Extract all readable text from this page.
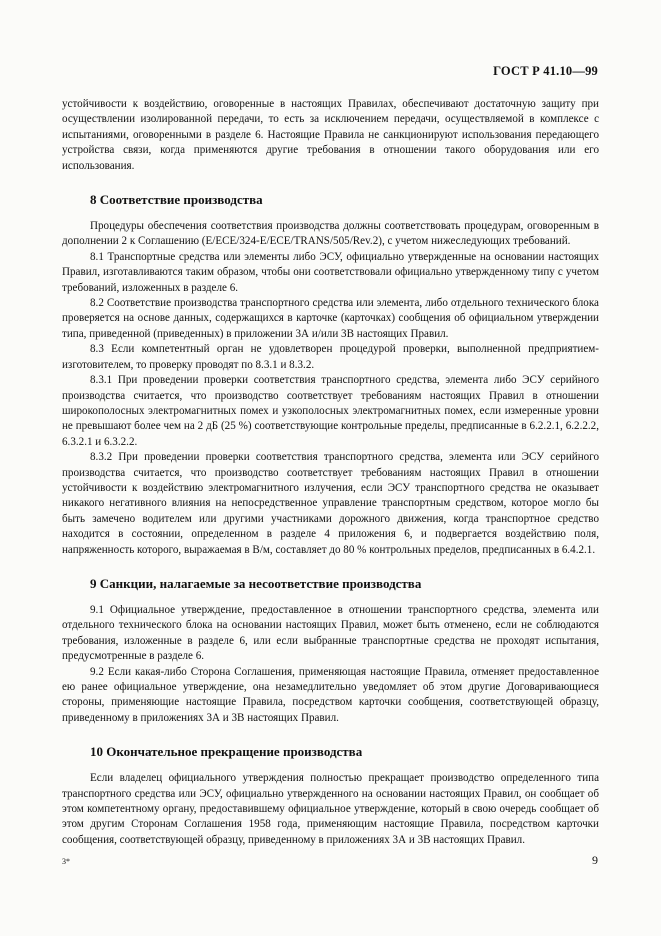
ГОСТ Р 41.10—99

устойчивости к воздействию, оговоренные в настоящих Правилах, обеспечивают достаточную защиту при осуществлении изолированной передачи, то есть за исключением передачи, осуществляемой в комплексе с испытаниями, оговоренными в разделе 6. Настоящие Правила не санкционируют использования передающего устройства связи, когда применяются другие требования в отношении такого оборудования или его использования.

8 Соответствие производства

Процедуры обеспечения соответствия производства должны соответствовать процедурам, оговоренным в дополнении 2 к Соглашению (E/ECE/324-E/ECE/TRANS/505/Rev.2), с учетом нижеследующих требований.

8.1 Транспортные средства или элементы либо ЭСУ, официально утвержденные на основании настоящих Правил, изготавливаются таким образом, чтобы они соответствовали официально утвержденному типу с учетом требований, изложенных в разделе 6.

8.2 Соответствие производства транспортного средства или элемента, либо отдельного технического блока проверяется на основе данных, содержащихся в карточке (карточках) сообщения об официальном утверждении типа, приведенной (приведенных) в приложении 3А и/или 3В настоящих Правил.

8.3 Если компетентный орган не удовлетворен процедурой проверки, выполненной предприятием-изготовителем, то проверку проводят по 8.3.1 и 8.3.2.

8.3.1 При проведении проверки соответствия транспортного средства, элемента либо ЭСУ серийного производства считается, что производство соответствует требованиям настоящих Правил в отношении широкополосных электромагнитных помех и узкополосных электромагнитных помех, если измеренные уровни не превышают более чем на 2 дБ (25 %) соответствующие контрольные пределы, предписанные в 6.2.2.1, 6.2.2.2, 6.3.2.1 и 6.3.2.2.

8.3.2 При проведении проверки соответствия транспортного средства, элемента или ЭСУ серийного производства считается, что производство соответствует требованиям настоящих Правил в отношении устойчивости к воздействию электромагнитного излучения, если ЭСУ транспортного средства не оказывает никакого негативного влияния на непосредственное управление транспортным средством, которое могло бы быть замечено водителем или другими участниками дорожного движения, когда транспортное средство находится в состоянии, определенном в разделе 4 приложения 6, и подвергается воздействию поля, напряженность которого, выражаемая в В/м, составляет до 80 % контрольных пределов, предписанных в 6.4.2.1.

9 Санкции, налагаемые за несоответствие производства

9.1 Официальное утверждение, предоставленное в отношении транспортного средства, элемента или отдельного технического блока на основании настоящих Правил, может быть отменено, если не соблюдаются требования, изложенные в разделе 6, или если выбранные транспортные средства не проходят испытания, предусмотренные в разделе 6.

9.2 Если какая-либо Сторона Соглашения, применяющая настоящие Правила, отменяет предоставленное ею ранее официальное утверждение, она незамедлительно уведомляет об этом другие Договаривающиеся стороны, применяющие настоящие Правила, посредством карточки сообщения, соответствующей образцу, приведенному в приложениях 3А и 3В настоящих Правил.

10 Окончательное прекращение производства

Если владелец официального утверждения полностью прекращает производство определенного типа транспортного средства или ЭСУ, официально утвержденного на основании настоящих Правил, он сообщает об этом компетентному органу, предоставившему официальное утверждение, который в свою очередь сообщает об этом другим Сторонам Соглашения 1958 года, применяющим настоящие Правила, посредством карточки сообщения, соответствующей образцу, приведенному в приложениях 3А и 3В настоящих Правил.

3*	9
